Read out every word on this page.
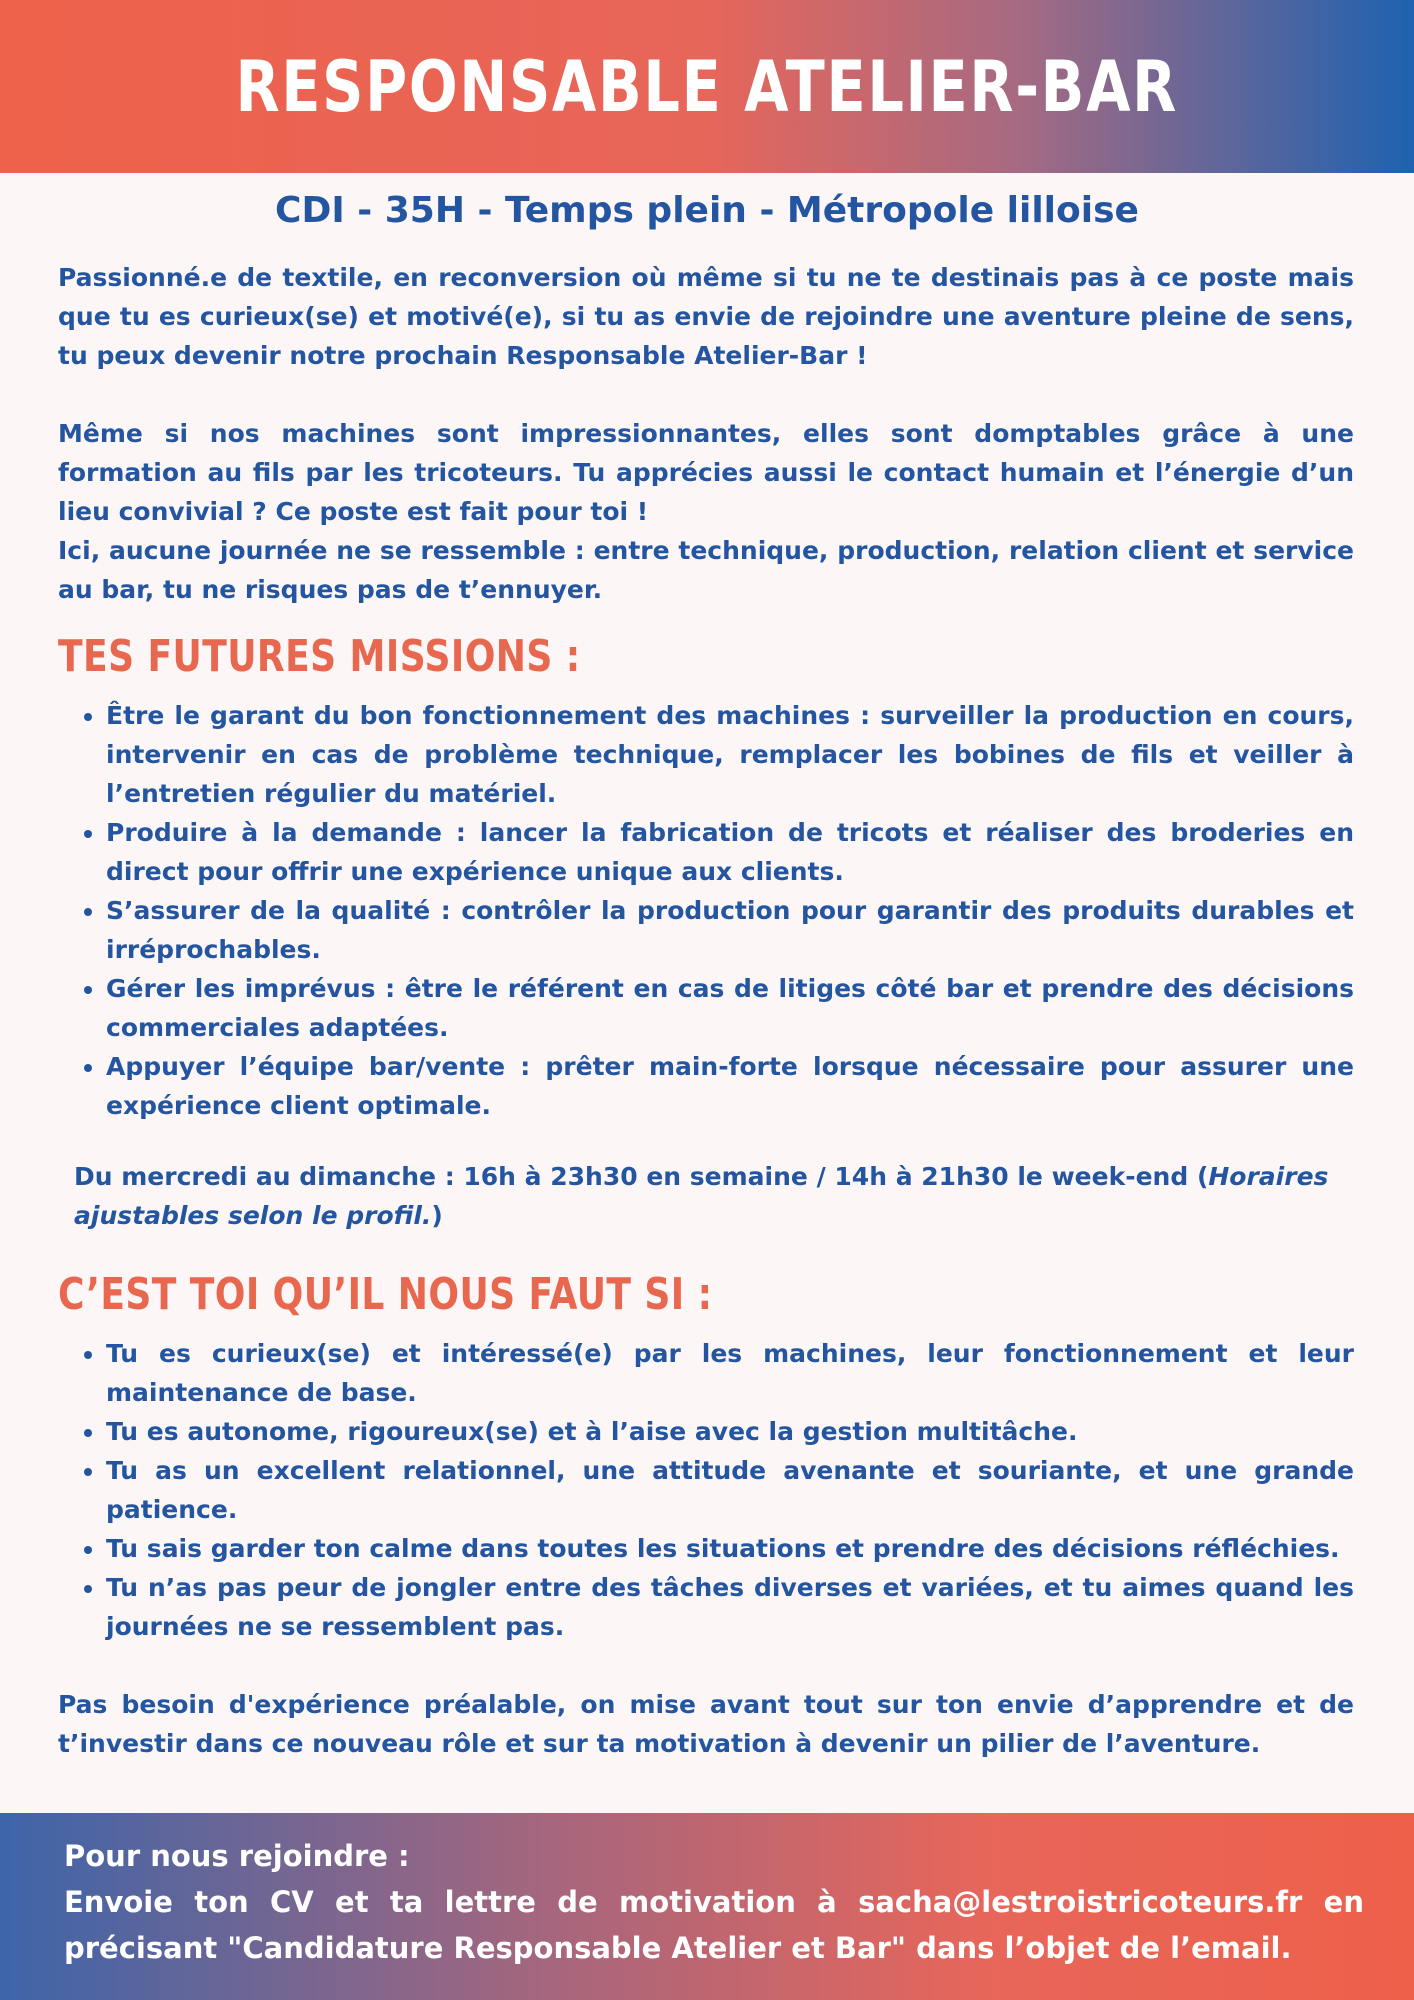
RESPONSABLE ATELIER-BAR
CDI - 35H - Temps plein - Métropole lilloise

Passionné.e de textile, en reconversion où même si tu ne te destinais pas à ce poste mais que tu es curieux(se) et motivé(e), si tu as envie de rejoindre une aventure pleine de sens, tu peux devenir notre prochain Responsable Atelier-Bar !

Même si nos machines sont impressionnantes, elles sont domptables grâce à une formation au fils par les tricoteurs. Tu apprécies aussi le contact humain et l’énergie d’un lieu convivial ? Ce poste est fait pour toi !

Ici, aucune journée ne se ressemble : entre technique, production, relation client et service au bar, tu ne risques pas de t’ennuyer.

TES FUTURES MISSIONS :
• Être le garant du bon fonctionnement des machines : surveiller la production en cours, intervenir en cas de problème technique, remplacer les bobines de fils et veiller à l’entretien régulier du matériel.
• Produire à la demande : lancer la fabrication de tricots et réaliser des broderies en direct pour offrir une expérience unique aux clients.
• S’assurer de la qualité : contrôler la production pour garantir des produits durables et irréprochables.
• Gérer les imprévus : être le référent en cas de litiges côté bar et prendre des décisions commerciales adaptées.
• Appuyer l’équipe bar/vente : prêter main-forte lorsque nécessaire pour assurer une expérience client optimale.

Du mercredi au dimanche : 16h à 23h30 en semaine / 14h à 21h30 le week-end (Horaires ajustables selon le profil.)

C’EST TOI QU’IL NOUS FAUT SI :
• Tu es curieux(se) et intéressé(e) par les machines, leur fonctionnement et leur maintenance de base.
• Tu es autonome, rigoureux(se) et à l’aise avec la gestion multitâche.
• Tu as un excellent relationnel, une attitude avenante et souriante, et une grande patience.
• Tu sais garder ton calme dans toutes les situations et prendre des décisions réfléchies.
• Tu n’as pas peur de jongler entre des tâches diverses et variées, et tu aimes quand les journées ne se ressemblent pas.

Pas besoin d'expérience préalable, on mise avant tout sur ton envie d’apprendre et de t’investir dans ce nouveau rôle et sur ta motivation à devenir un pilier de l’aventure.

Pour nous rejoindre :

Envoie ton CV et ta lettre de motivation à sacha@lestroistricoteurs.fr en précisant "Candidature Responsable Atelier et Bar" dans l’objet de l’email.
